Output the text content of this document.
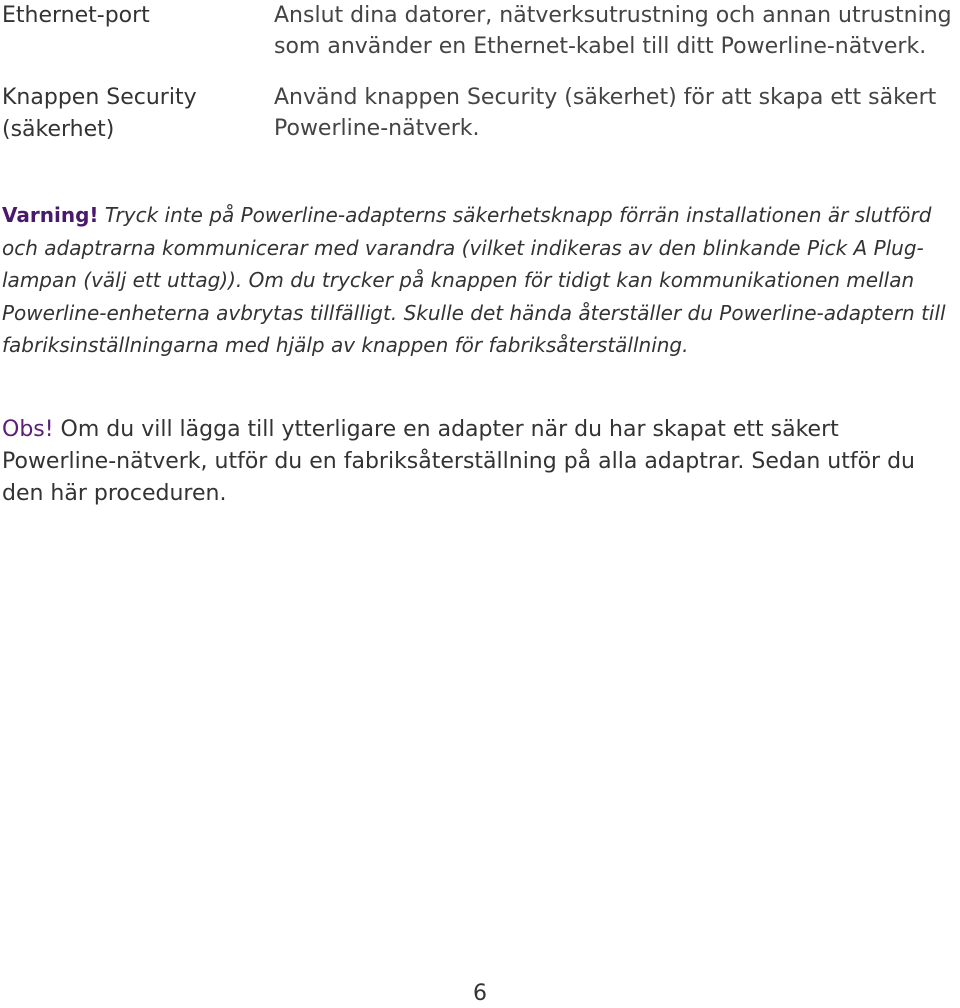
Ethernet-port	Anslut dina datorer, nätverksutrustning och annan utrustning som använder en Ethernet-kabel till ditt Powerline-nätverk.
Knappen Security (säkerhet)
Använd knappen Security (säkerhet) för att skapa ett säkert Powerline-nätverk.

Varning! Tryck inte på Powerline-adapterns säkerhetsknapp förrän installationen är slutförd och adaptrarna kommunicerar med varandra (vilket indikeras av den blinkande Pick A Plug-lampan (välj ett uttag)). Om du trycker på knappen för tidigt kan kommunikationen mellan Powerline-enheterna avbrytas tillfälligt. Skulle det hända återställer du Powerline-adaptern till fabriksinställningarna med hjälp av knappen för fabriksåterställning.

Obs! Om du vill lägga till ytterligare en adapter när du har skapat ett säkert Powerline-nätverk, utför du en fabriksåterställning på alla adaptrar. Sedan utför du den här proceduren.

6
